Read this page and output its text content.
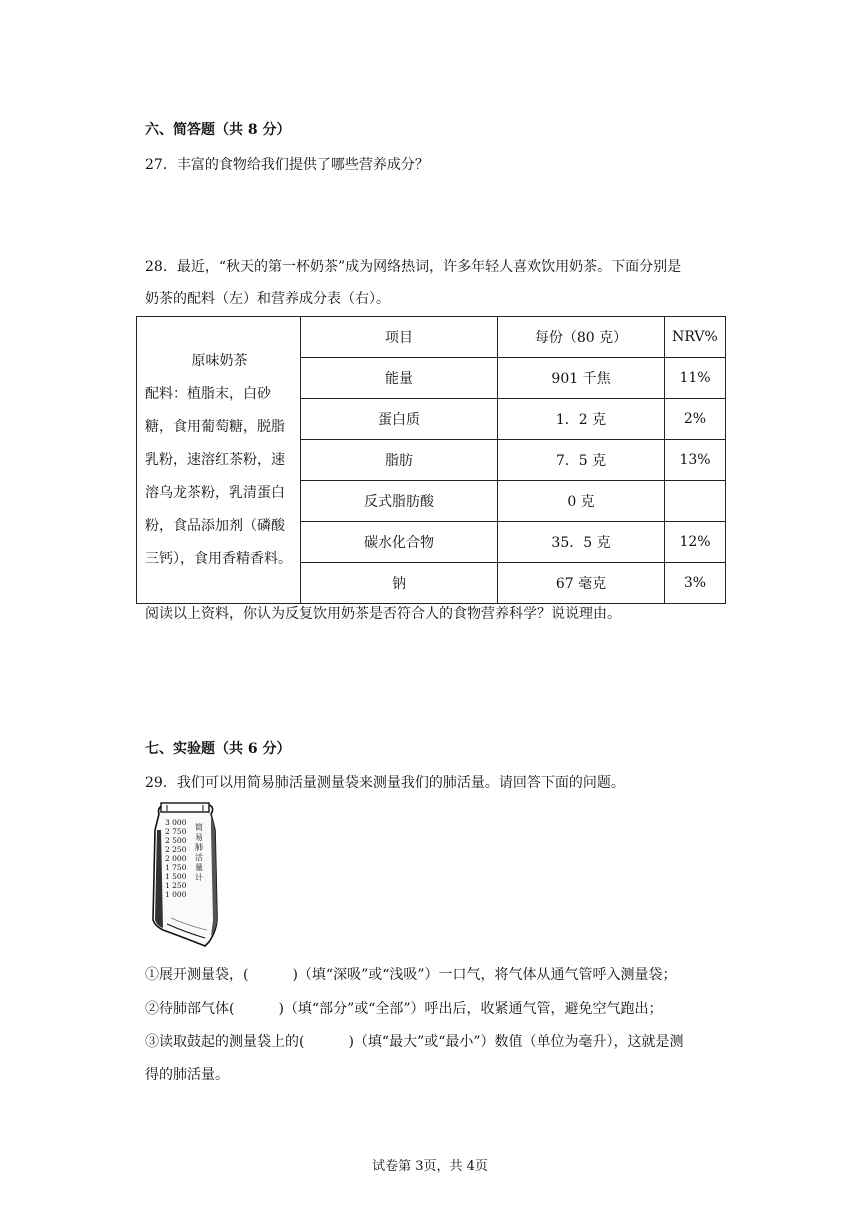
六、简答题（共 8 分）
27．丰富的食物给我们提供了哪些营养成分？
28．最近，“秋天的第一杯奶茶”成为网络热词，许多年轻人喜欢饮用奶茶。下面分别是
奶茶的配料（左）和营养成分表（右）。
原味奶茶
配料：植脂末，白砂糖，食用葡萄糖，脱脂乳粉，速溶红茶粉，速溶乌龙茶粉，乳清蛋白粉，食品添加剂（磷酸三钙），食用香精香料。	项目	每份（80 克）	NRV%
	能量	901 千焦	11%
	蛋白质	1．2 克	2%
	脂肪	7．5 克	13%
	反式脂肪酸	0 克	
	碳水化合物	35．5 克	12%
	钠	67 毫克	3%
阅读以上资料，你认为反复饮用奶茶是否符合人的食物营养科学？说说理由。
七、实验题（共 6 分）
29．我们可以用简易肺活量测量袋来测量我们的肺活量。请回答下面的问题。
3 000
2 750
2 500
2 250
2 000
1 750
1 500
1 250
1 000
简
易
肺
活
量
计
①展开测量袋，(	)（填“深吸”或“浅吸”）一口气，将气体从通气管呼入测量袋；
②待肺部气体(	)（填“部分”或“全部”）呼出后，收紧通气管，避免空气跑出；
③读取鼓起的测量袋上的(	)（填“最大”或“最小”）数值（单位为毫升），这就是测
得的肺活量。
试卷第 3页，共 4页
